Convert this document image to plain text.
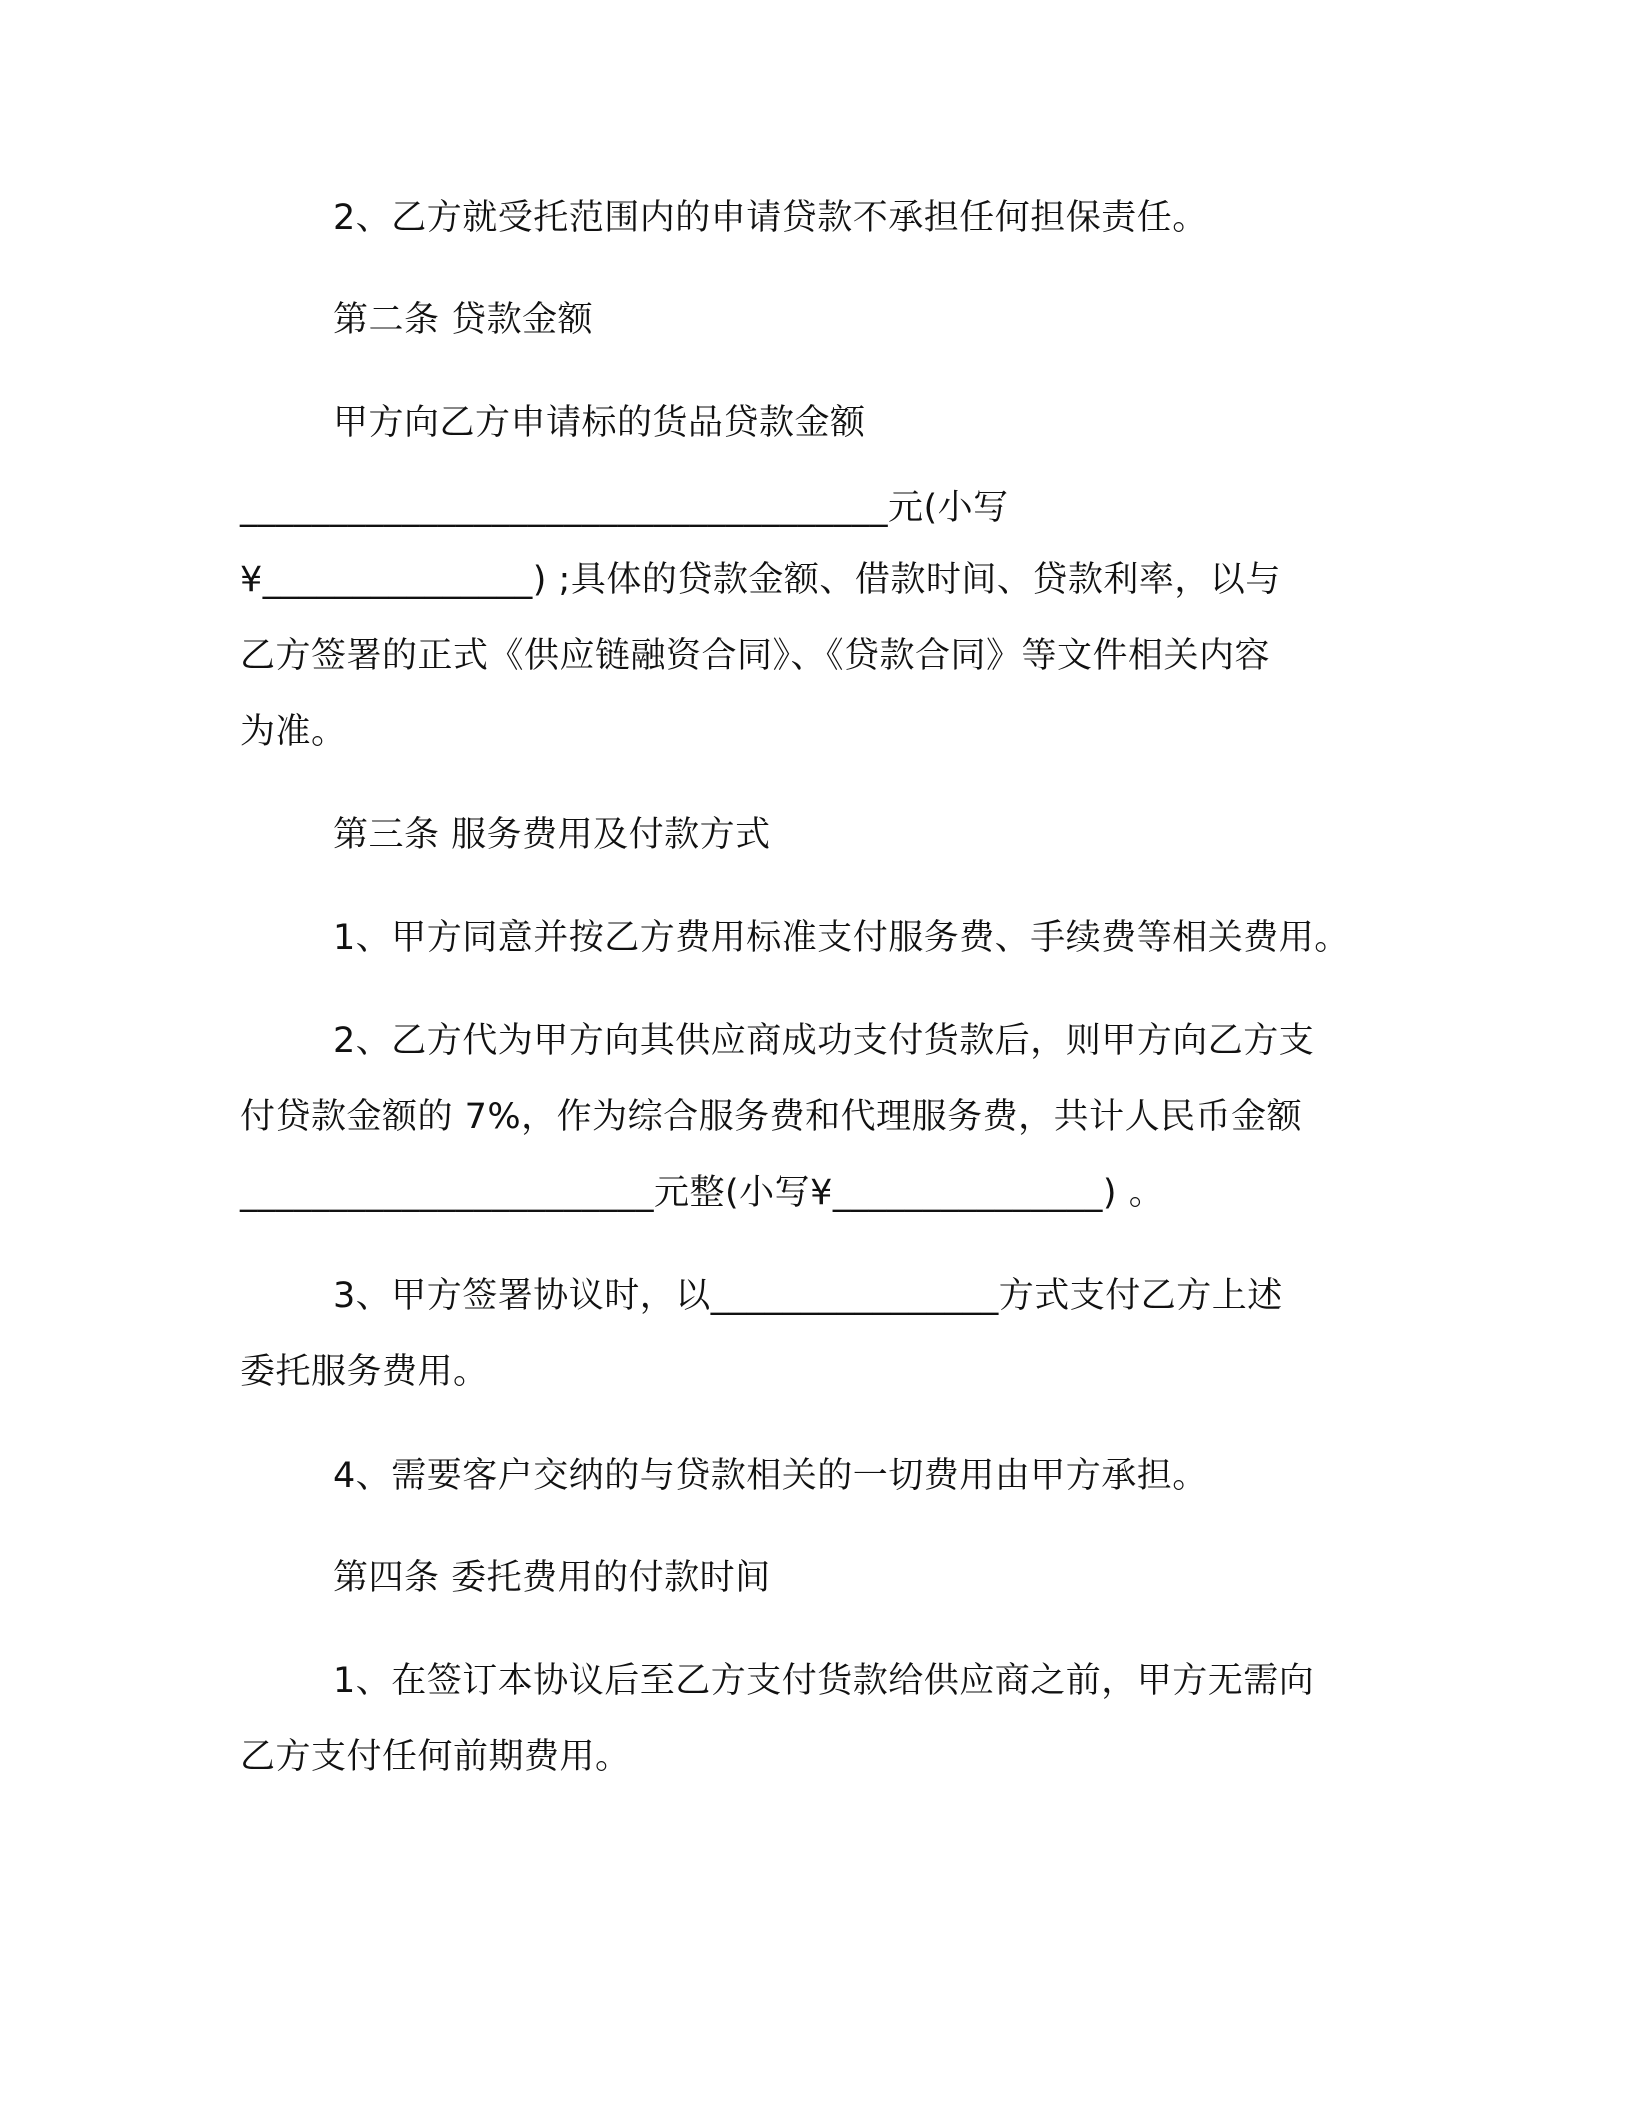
2、乙方就受托范围内的申请贷款不承担任何担保责任。
第二条 贷款金额
甲方向乙方申请标的货品贷款金额
____________________________________元(小写
¥_______________) ;具体的贷款金额、借款时间、贷款利率，以与
乙方签署的正式《供应链融资合同》、《贷款合同》等文件相关内容
为准。
第三条 服务费用及付款方式
1、甲方同意并按乙方费用标准支付服务费、手续费等相关费用。
2、乙方代为甲方向其供应商成功支付货款后，则甲方向乙方支
付贷款金额的 7%，作为综合服务费和代理服务费，共计人民币金额
_______________________元整(小写¥_______________) 。
3、甲方签署协议时，以________________方式支付乙方上述
委托服务费用。
4、需要客户交纳的与贷款相关的一切费用由甲方承担。
第四条 委托费用的付款时间
1、在签订本协议后至乙方支付货款给供应商之前，甲方无需向
乙方支付任何前期费用。
